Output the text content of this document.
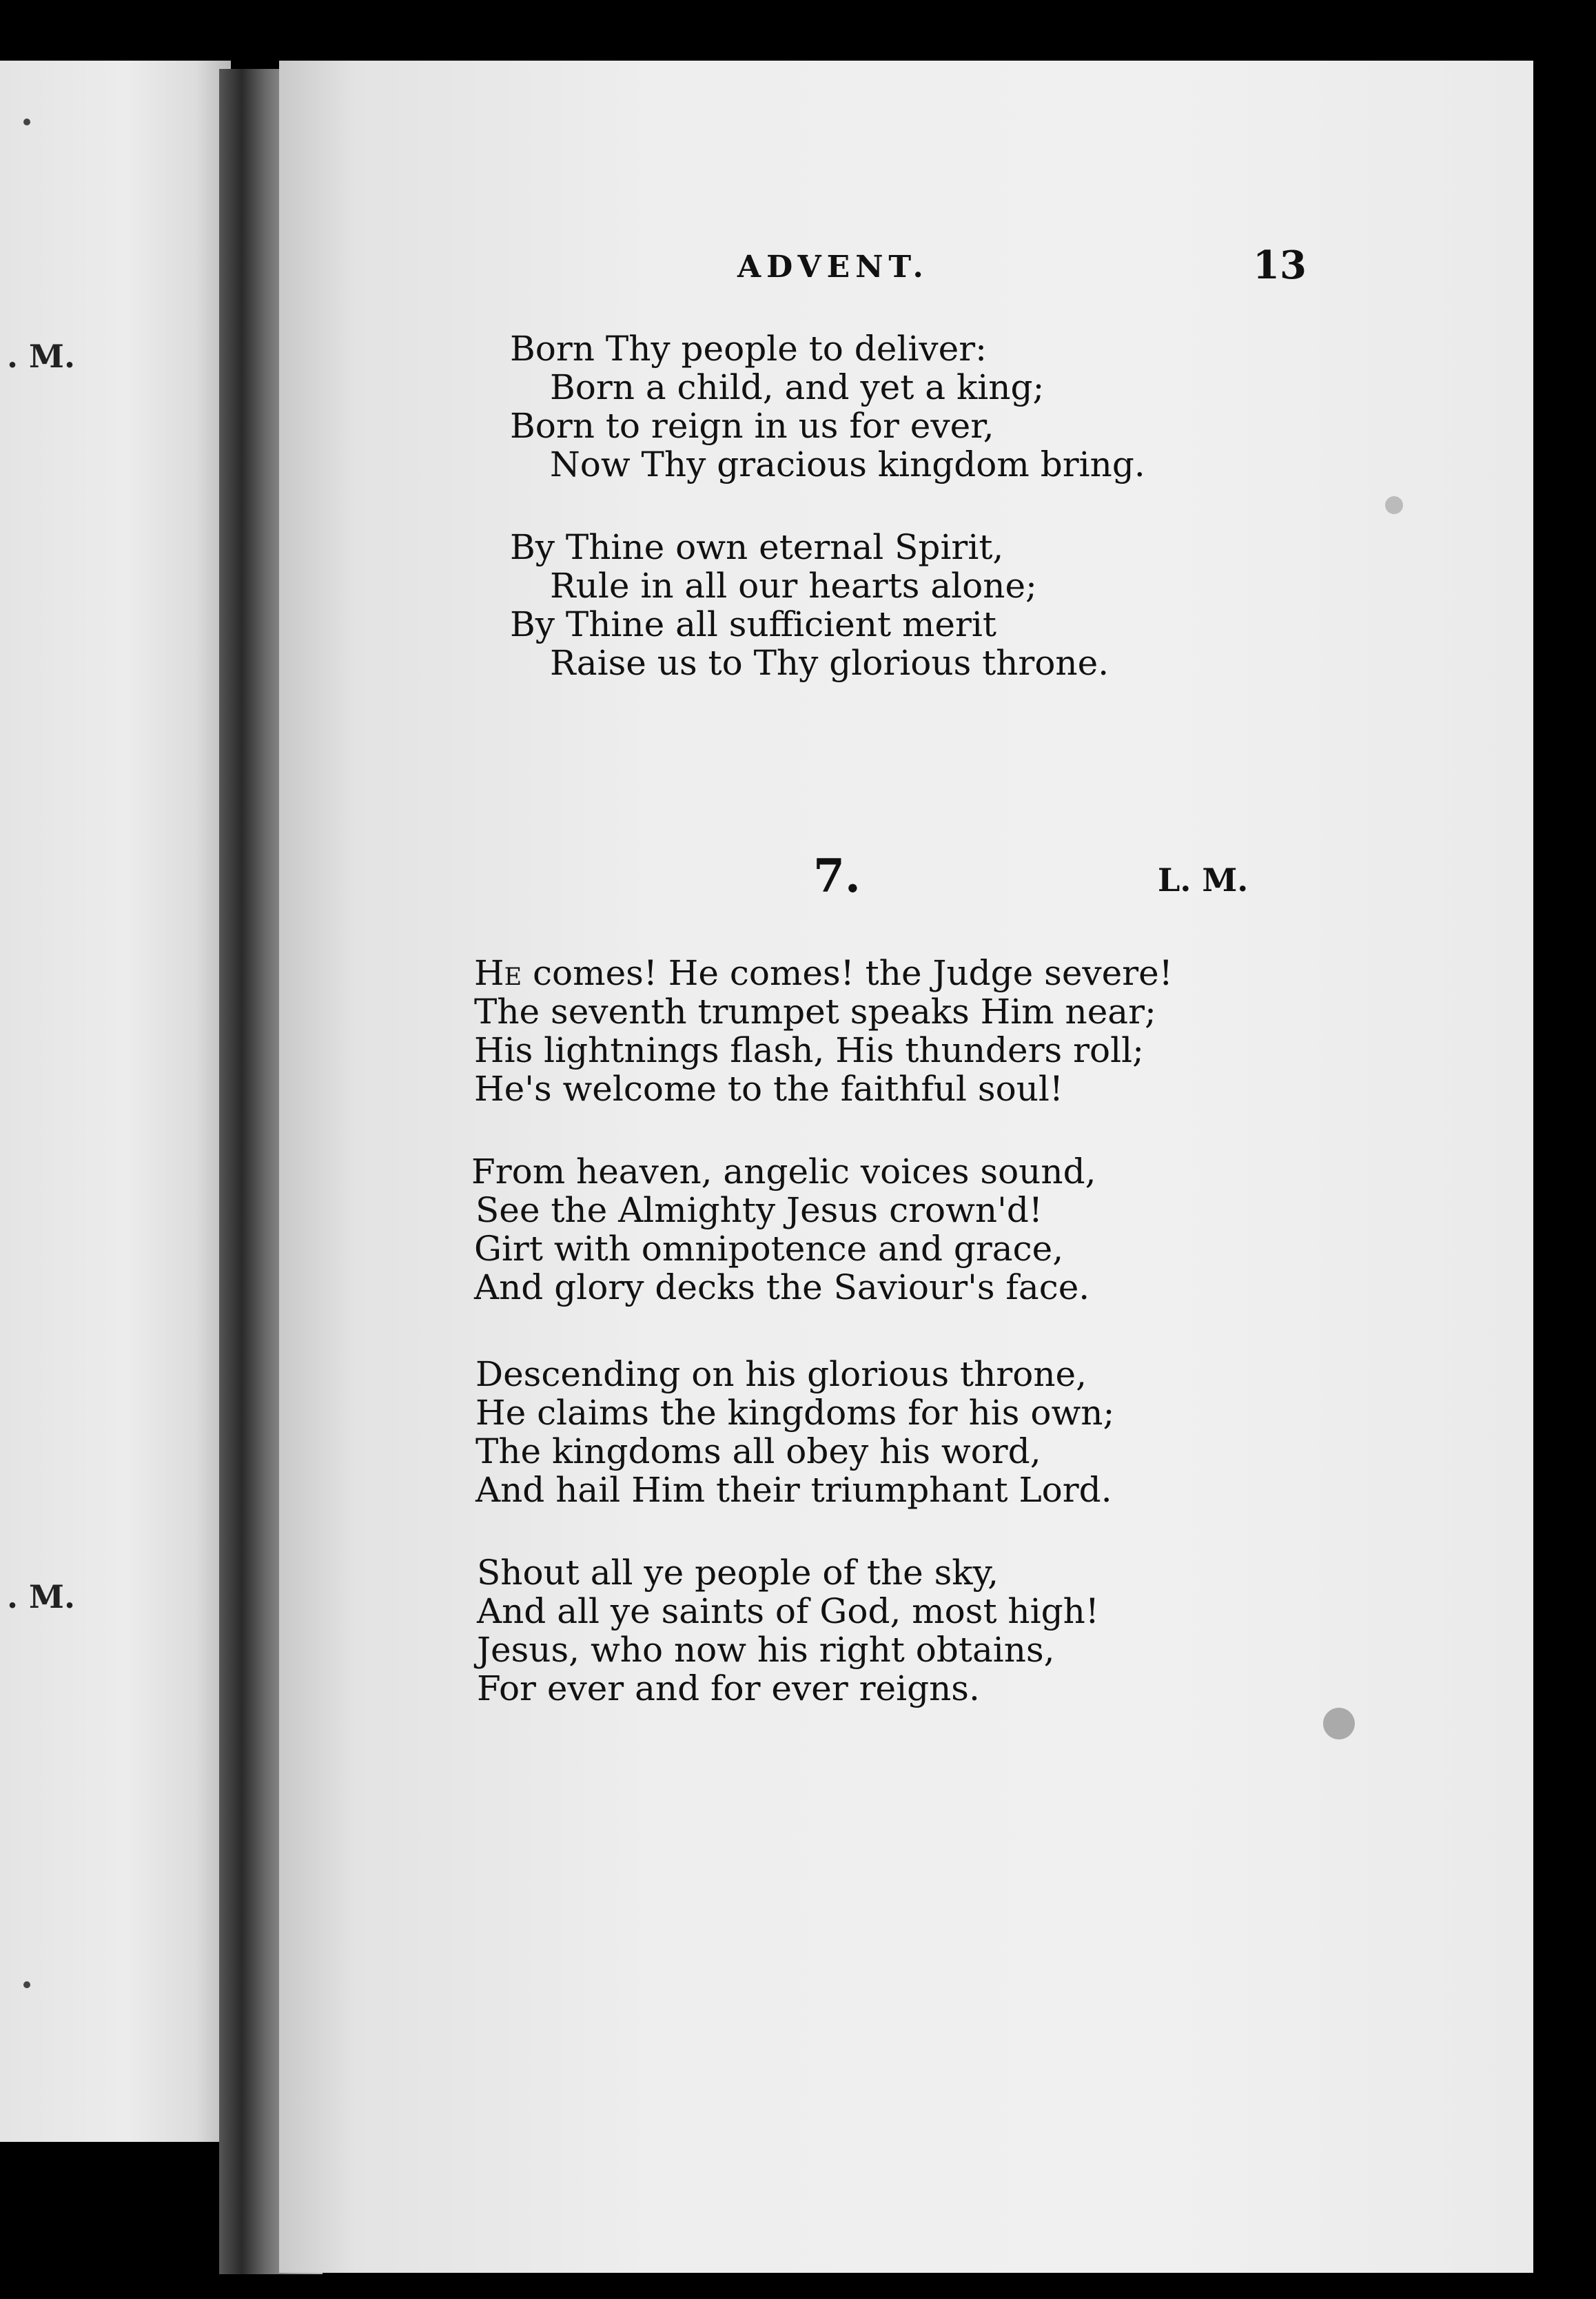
. M.
. M.
ADVENT.	13
Born Thy people to deliver:
Born a child, and yet a king;
Born to reign in us for ever,
Now Thy gracious kingdom bring.
By Thine own eternal Spirit,
Rule in all our hearts alone;
By Thine all sufficient merit
Raise us to Thy glorious throne.
7.	L. M.
He comes! He comes! the Judge severe!
The seventh trumpet speaks Him near;
His lightnings flash, His thunders roll;
He's welcome to the faithful soul!
From heaven, angelic voices sound,
See the Almighty Jesus crown'd!
Girt with omnipotence and grace,
And glory decks the Saviour's face.
Descending on his glorious throne,
He claims the kingdoms for his own;
The kingdoms all obey his word,
And hail Him their triumphant Lord.
Shout all ye people of the sky,
And all ye saints of God, most high!
Jesus, who now his right obtains,
For ever and for ever reigns.
